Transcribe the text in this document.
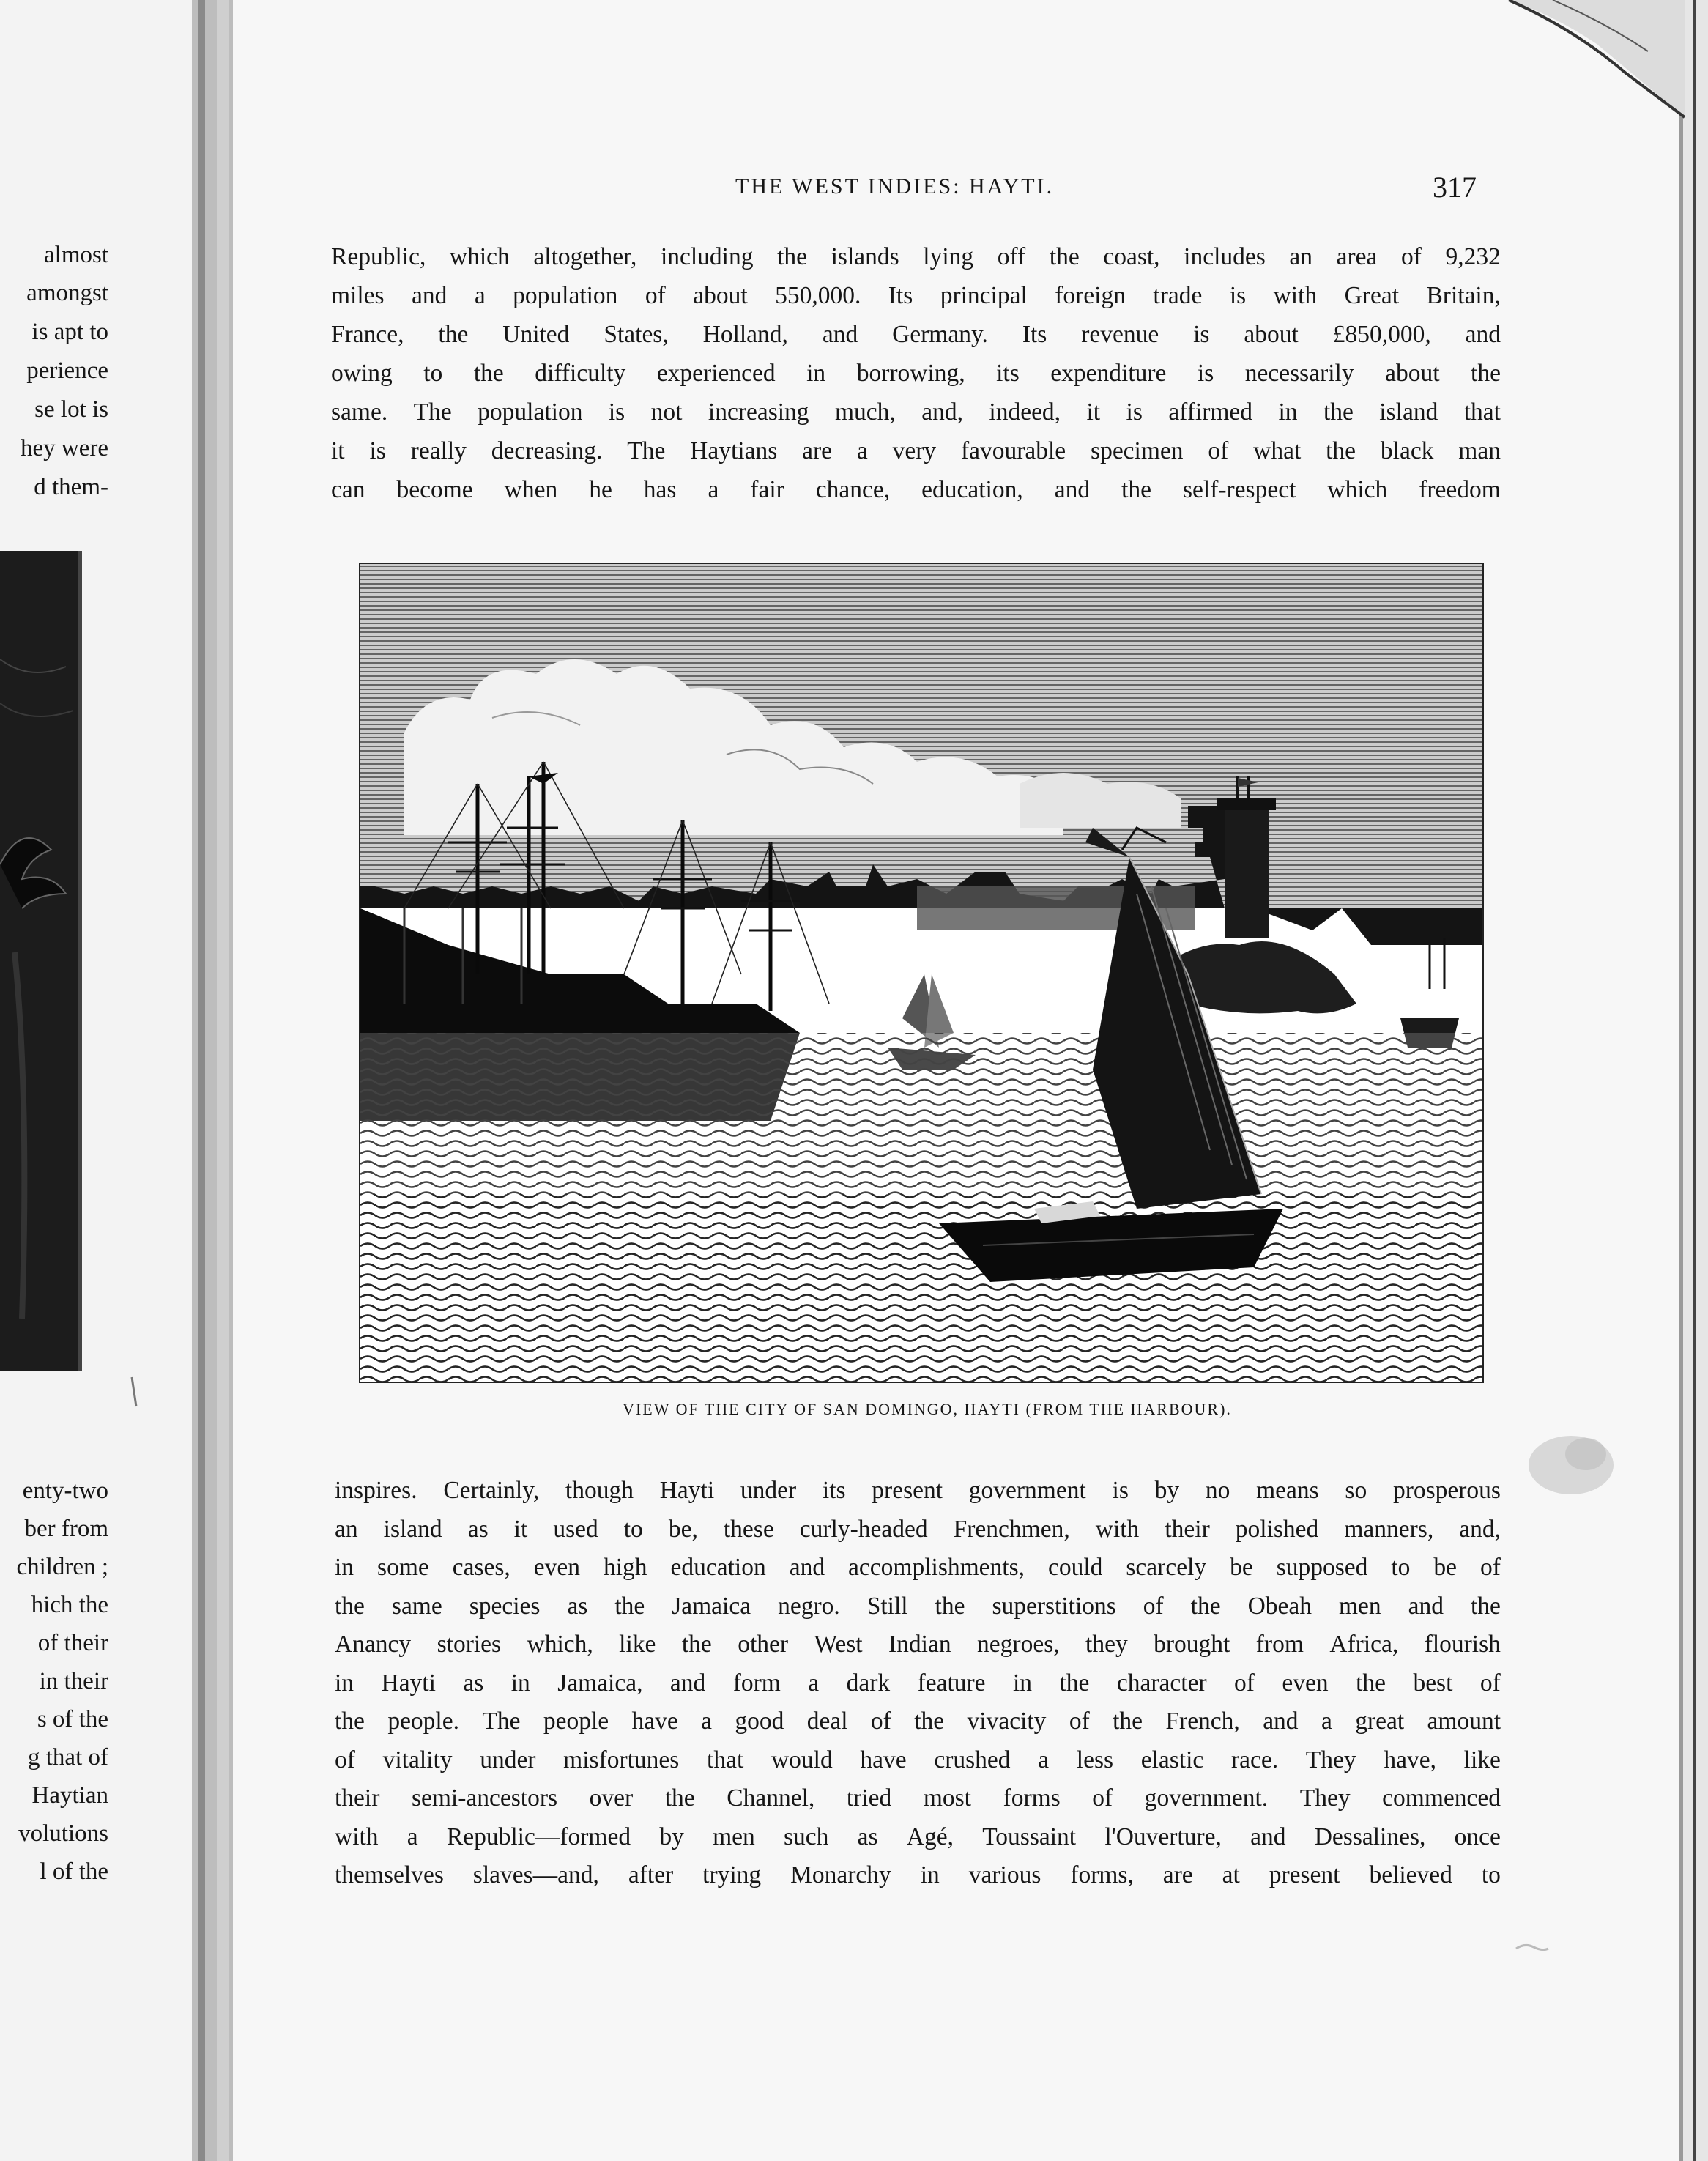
almost
amongst
is apt to
perience
se lot is
hey were
d them-
enty-two
ber from
children ;
hich the
of their
in their
s of the
g that of
Haytian
volutions
l of the
THE WEST INDIES: HAYTI.	317
Republic, which altogether, including the islands lying off the coast, includes an area of 9,232
miles and a population of about 550,000. Its principal foreign trade is with Great Britain,
France, the United States, Holland, and Germany. Its revenue is about £850,000, and
owing to the difficulty experienced in borrowing, its expenditure is necessarily about the
same. The population is not increasing much, and, indeed, it is affirmed in the island that
it is really decreasing. The Haytians are a very favourable specimen of what the black man
can become when he has a fair chance, education, and the self-respect which freedom
VIEW OF THE CITY OF SAN DOMINGO, HAYTI (FROM THE HARBOUR).
inspires. Certainly, though Hayti under its present government is by no means so prosperous
an island as it used to be, these curly-headed Frenchmen, with their polished manners, and,
in some cases, even high education and accomplishments, could scarcely be supposed to be of
the same species as the Jamaica negro. Still the superstitions of the Obeah men and the
Anancy stories which, like the other West Indian negroes, they brought from Africa, flourish
in Hayti as in Jamaica, and form a dark feature in the character of even the best of
the people. The people have a good deal of the vivacity of the French, and a great amount
of vitality under misfortunes that would have crushed a less elastic race. They have, like
their semi-ancestors over the Channel, tried most forms of government. They commenced
with a Republic—formed by men such as Agé, Toussaint l'Ouverture, and Dessalines, once
themselves slaves—and, after trying Monarchy in various forms, are at present believed to
